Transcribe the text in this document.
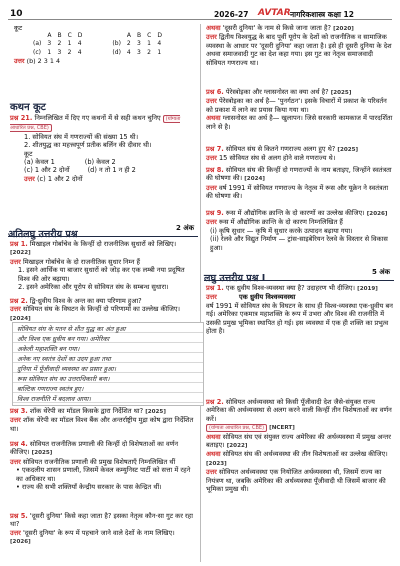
10	2026-27 AVTAR नागरिकशास्त्र कक्षा 12
कूट
	A	B	C	D			A	B	C	D
(a)	3	2	1	4		(b)	2	3	1	4
(c)	1	3	2	4		(d)	4	3	2	1
उत्तर (b) 2 3 1 4
कथन कूट
प्रश्न 21. निम्नलिखित में दिए गए कथनों में से सही कथन चुनिए (योग्यता आधारित प्रश्न, CBE)
1. सोवियत संघ में गणराज्यों की संख्या 15 थी।
2. शीतयुद्ध का महत्त्वपूर्ण प्रतीक बर्लिन की दीवार थी।
कूट
(a) केवल 1	(b) केवल 2
(c) 1 और 2 दोनों	(d) न तो 1 न ही 2
उत्तर (c) 1 और 2 दोनों
अतिलघु उत्तरीय प्रश्न
2 अंक
प्रश्न 1. मिखाइल गोर्बाचेव के किन्हीं दो राजनीतिक सुधारों को लिखिए। [2022]
उत्तर मिखाइल गोर्बाचेव के दो राजनीतिक सुधार निम्न हैं
1. इसने आर्थिक या बाजार सुधारों को जोड़ कर एक लम्बी नया प्रदूषित विश्व की ओर बढ़ाया।
2. इसने अमेरिका और यूरोप से सोवियत संघ के सम्बन्ध सुधारा।
प्रश्न 2. द्वि-ध्रुवीय विश्व के अन्त का क्या परिणाम हुआ?
उत्तर सोवियत संघ के विघटन के किन्हीं दो परिणामों का उल्लेख कीजिए। [2024]
सोवियत संघ के पतन से शीत युद्ध का अंत हुआ
और विश्व एक ध्रुवीय बन गया। अमेरिका
अकेली महाशक्ति बन गया।
अनेक नए स्वतंत्र देशों का उदय हुआ तथा
दुनिया में पूँजीवादी व्यवस्था का प्रसार हुआ।
रूस सोवियत संघ का उत्तराधिकारी बना।
बाल्टिक गणराज्य स्वतंत्र हुए।
विश्व राजनीति में बदलाव आया।
प्रश्न 3. शॉक थेरेपी का मॉडल किसके द्वारा निर्देशित था? [2025]
उत्तर शॉक थेरेपी का मॉडल विश्व बैंक और अन्तर्राष्ट्रीय मुद्रा कोष द्वारा निर्देशित था।
प्रश्न 4. सोवियत राजनीतिक प्रणाली की किन्हीं दो विशेषताओं का वर्णन कीजिए। [2025]
उत्तर सोवियत राजनीतिक प्रणाली की प्रमुख विशेषताएँ निम्नलिखित थीं
• एकदलीय शासन प्रणाली, जिसमें केवल कम्युनिस्ट पार्टी को सत्ता में रहने का अधिकार था।
• राज्य की सभी शक्तियाँ केन्द्रीय सरकार के पास केन्द्रित थीं।
प्रश्न 5. 'दूसरी दुनिया' किसे कहा जाता है? इसका नेतृत्व कौन-सा गुट कर रहा था?
उत्तर 'दूसरी दुनिया' के रूप में पहचाने जाने वाले देशों के नाम लिखिए। [2026]
अथवा 'दूसरी दुनिया' के नाम से किसे जाना जाता है? [2020]
उत्तर द्वितीय विश्वयुद्ध के बाद पूर्वी यूरोप के देशों को राजनीतिक व सामाजिक व्यवस्था के आधार पर 'दूसरी दुनिया' कहा जाता है। इसे ही दूसरी दुनिया के देश अथवा समाजवादी गुट का देश कहा गया। इस गुट का नेतृत्व समाजवादी सोवियत गणराज्य था।
प्रश्न 6. पेरेस्त्रोइका और ग्लासनोस्त का क्या अर्थ है? [2025]
उत्तर पेरेस्त्रोइका का अर्थ है— 'पुनर्गठन'। इसके विचारों में प्रकाश के परिवर्तन को प्रकाश में लाने का प्रयास किया गया था।
अथवा ग्लासनोस्त का अर्थ है— खुलापन। जिसे सरकारी कामकाज में पारदर्शिता लाने से है।
प्रश्न 7. सोवियत संघ से कितने गणराज्य अलग हुए थे? [2025]
उत्तर 15 सोवियत संघ से अलग होने वाले गणराज्य थे।
प्रश्न 8. सोवियत संघ की किन्हीं दो गणराज्यों के नाम बताइए, जिन्होंने स्वतंत्रता की घोषणा की। [2024]
उत्तर वर्ष 1991 में सोवियत गणराज्य के नेतृत्व में रूस और यूक्रेन ने स्वतंत्रता की घोषणा की।
प्रश्न 9. रूस में औद्योगिक क्रान्ति के दो कारणों का उल्लेख कीजिए। [2026]
उत्तर रूस में औद्योगिक क्रान्ति के दो कारण निम्नलिखित हैं
(i) कृषि सुधार — कृषि में सुधार करके उत्पादन बढ़ाया गया।
(ii) रेलवे और विद्युत निर्माण — ट्रांस-साइबेरियन रेलवे के विस्तार से विकास हुआ।
लघु उत्तरीय प्रश्न I
5 अंक
प्रश्न 1. एक ध्रुवीय विश्व-व्यवस्था क्या है? उदाहरण भी दीजिए। [2019]
उत्तर	एक ध्रुवीय विश्वव्यवस्था
वर्ष 1991 में सोवियत संघ के विघटन के साथ ही विश्व-व्यवस्था एक-ध्रुवीय बन गई। अमेरिका एकमात्र महाशक्ति के रूप में उभरा और विश्व की राजनीति में उसकी प्रमुख भूमिका स्थापित हो गई। इस व्यवस्था में एक ही शक्ति का प्रभुत्व होता है।
प्रश्न 2. सोवियत अर्थव्यवस्था को किसी पूँजीवादी देश जैसे-संयुक्त राज्य अमेरिका की अर्थव्यवस्था से अलग करने वाली किन्हीं तीन विशेषताओं का वर्णन करें।
(योग्यता आधारित प्रश्न, CBE) [NCERT]
अथवा सोवियत संघ एवं संयुक्त राज्य अमेरिका की अर्थव्यवस्था में प्रमुख अन्तर बताइए। [2022]
अथवा सोवियत संघ की अर्थव्यवस्था की तीन विशेषताओं का उल्लेख कीजिए। [2023]
उत्तर सोवियत अर्थव्यवस्था एक नियोजित अर्थव्यवस्था थी, जिसमें राज्य का नियंत्रण था, जबकि अमेरिका की अर्थव्यवस्था पूँजीवादी थी जिसमें बाजार की भूमिका प्रमुख थी।
